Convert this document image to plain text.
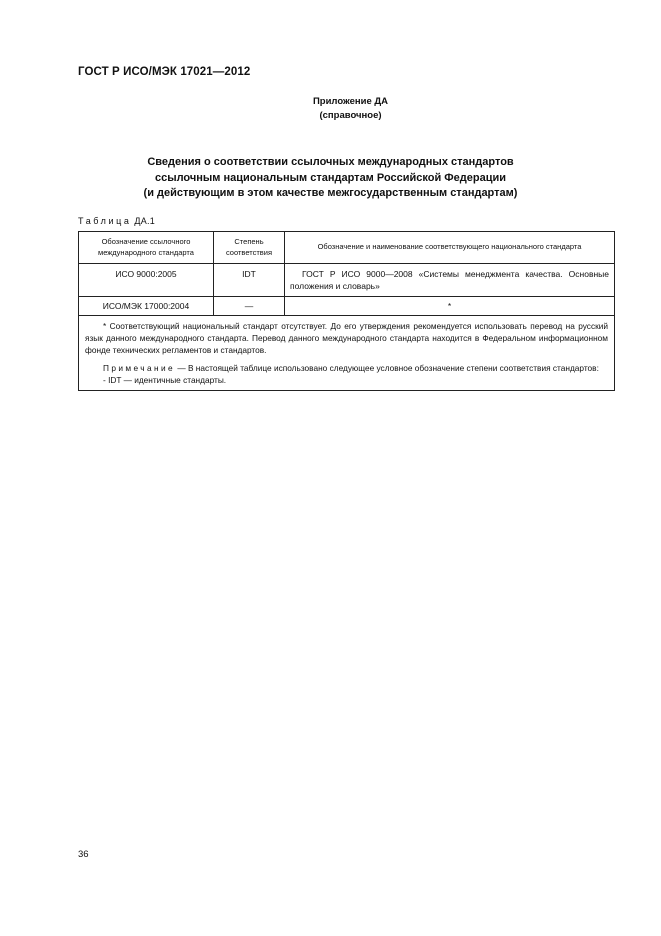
ГОСТ Р ИСО/МЭК 17021—2012
Приложение ДА
(справочное)
Сведения о соответствии ссылочных международных стандартов
ссылочным национальным стандартам Российской Федерации
(и действующим в этом качестве межгосударственным стандартам)
Таблица ДА.1
Обозначение ссылочного международного стандарта	Степень соответствия	Обозначение и наименование соответствующего национального стандарта
ИСО 9000:2005	IDT	ГОСТ Р ИСО 9000—2008 «Системы менеджмента качества. Основные положения и словарь»
ИСО/МЭК 17000:2004	—	*

* Соответствующий национальный стандарт отсутствует. До его утверждения рекомендуется использовать перевод на русский язык данного международного стандарта. Перевод данного международного стандарта находится в Федеральном информационном фонде технических регламентов и стандартов.

Примечание — В настоящей таблице использовано следующее условное обозначение степени соответствия стандартов:

- IDT — идентичные стандарты.		
36
